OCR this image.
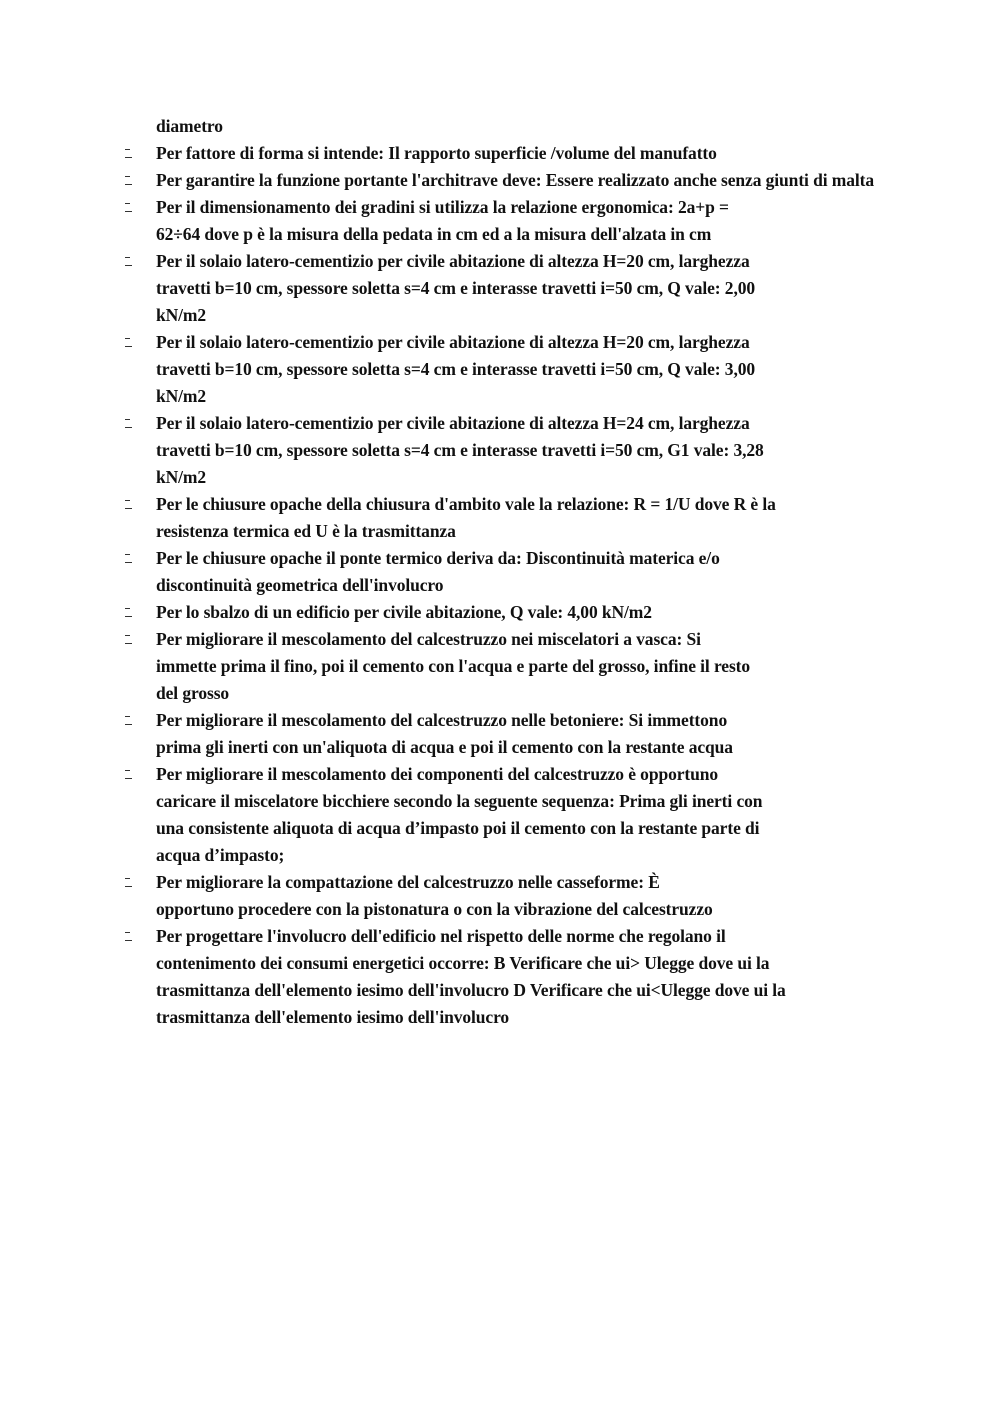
diametro
Per fattore di forma si intende: Il rapporto superficie /volume del manufatto
Per garantire la funzione portante l'architrave deve: Essere realizzato anche senza giunti di malta
Per il dimensionamento dei gradini si utilizza la relazione ergonomica: 2a+p =
62÷64 dove p è la misura della pedata in cm ed a la misura dell'alzata in cm
Per il solaio latero-cementizio per civile abitazione di altezza H=20 cm, larghezza
travetti b=10 cm, spessore soletta s=4 cm e interasse travetti i=50 cm, Q vale: 2,00
kN/m2
Per il solaio latero-cementizio per civile abitazione di altezza H=20 cm, larghezza
travetti b=10 cm, spessore soletta s=4 cm e interasse travetti i=50 cm, Q vale: 3,00
kN/m2
Per il solaio latero-cementizio per civile abitazione di altezza H=24 cm, larghezza
travetti b=10 cm, spessore soletta s=4 cm e interasse travetti i=50 cm, G1 vale: 3,28
kN/m2
Per le chiusure opache della chiusura d'ambito vale la relazione: R = 1/U dove R è la
resistenza termica ed U è la trasmittanza
Per le chiusure opache il ponte termico deriva da: Discontinuità materica e/o
discontinuità geometrica dell'involucro
Per lo sbalzo di un edificio per civile abitazione, Q vale: 4,00 kN/m2
Per migliorare il mescolamento del calcestruzzo nei miscelatori a vasca: Si
immette prima il fino, poi il cemento con l'acqua e parte del grosso, infine il resto
del grosso
Per migliorare il mescolamento del calcestruzzo nelle betoniere: Si immettono
prima gli inerti con un'aliquota di acqua e poi il cemento con la restante acqua
Per migliorare il mescolamento dei componenti del calcestruzzo è opportuno
caricare il miscelatore bicchiere secondo la seguente sequenza: Prima gli inerti con
una consistente aliquota di acqua d’impasto poi il cemento con la restante parte di
acqua d’impasto;
Per migliorare la compattazione del calcestruzzo nelle casseforme: È
opportuno procedere con la pistonatura o con la vibrazione del calcestruzzo
Per progettare l'involucro dell'edificio nel rispetto delle norme che regolano il
contenimento dei consumi energetici occorre: B Verificare che ui> Ulegge dove ui la
trasmittanza dell'elemento iesimo dell'involucro D Verificare che ui<Ulegge dove ui la
trasmittanza dell'elemento iesimo dell'involucro
